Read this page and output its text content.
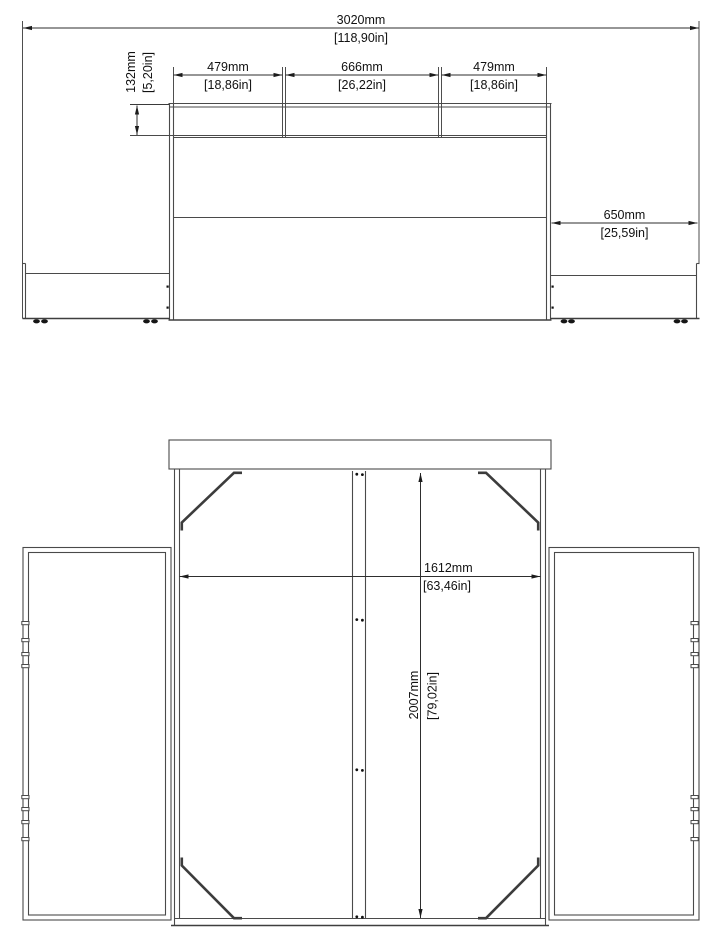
3020mm
[118,90in]
479mm
[18,86in]
666mm
[26,22in]
479mm
[18,86in]
132mm [5,20in]
650mm
[25,59in]
1612mm
[63,46in]
2007mm [79,02in]
